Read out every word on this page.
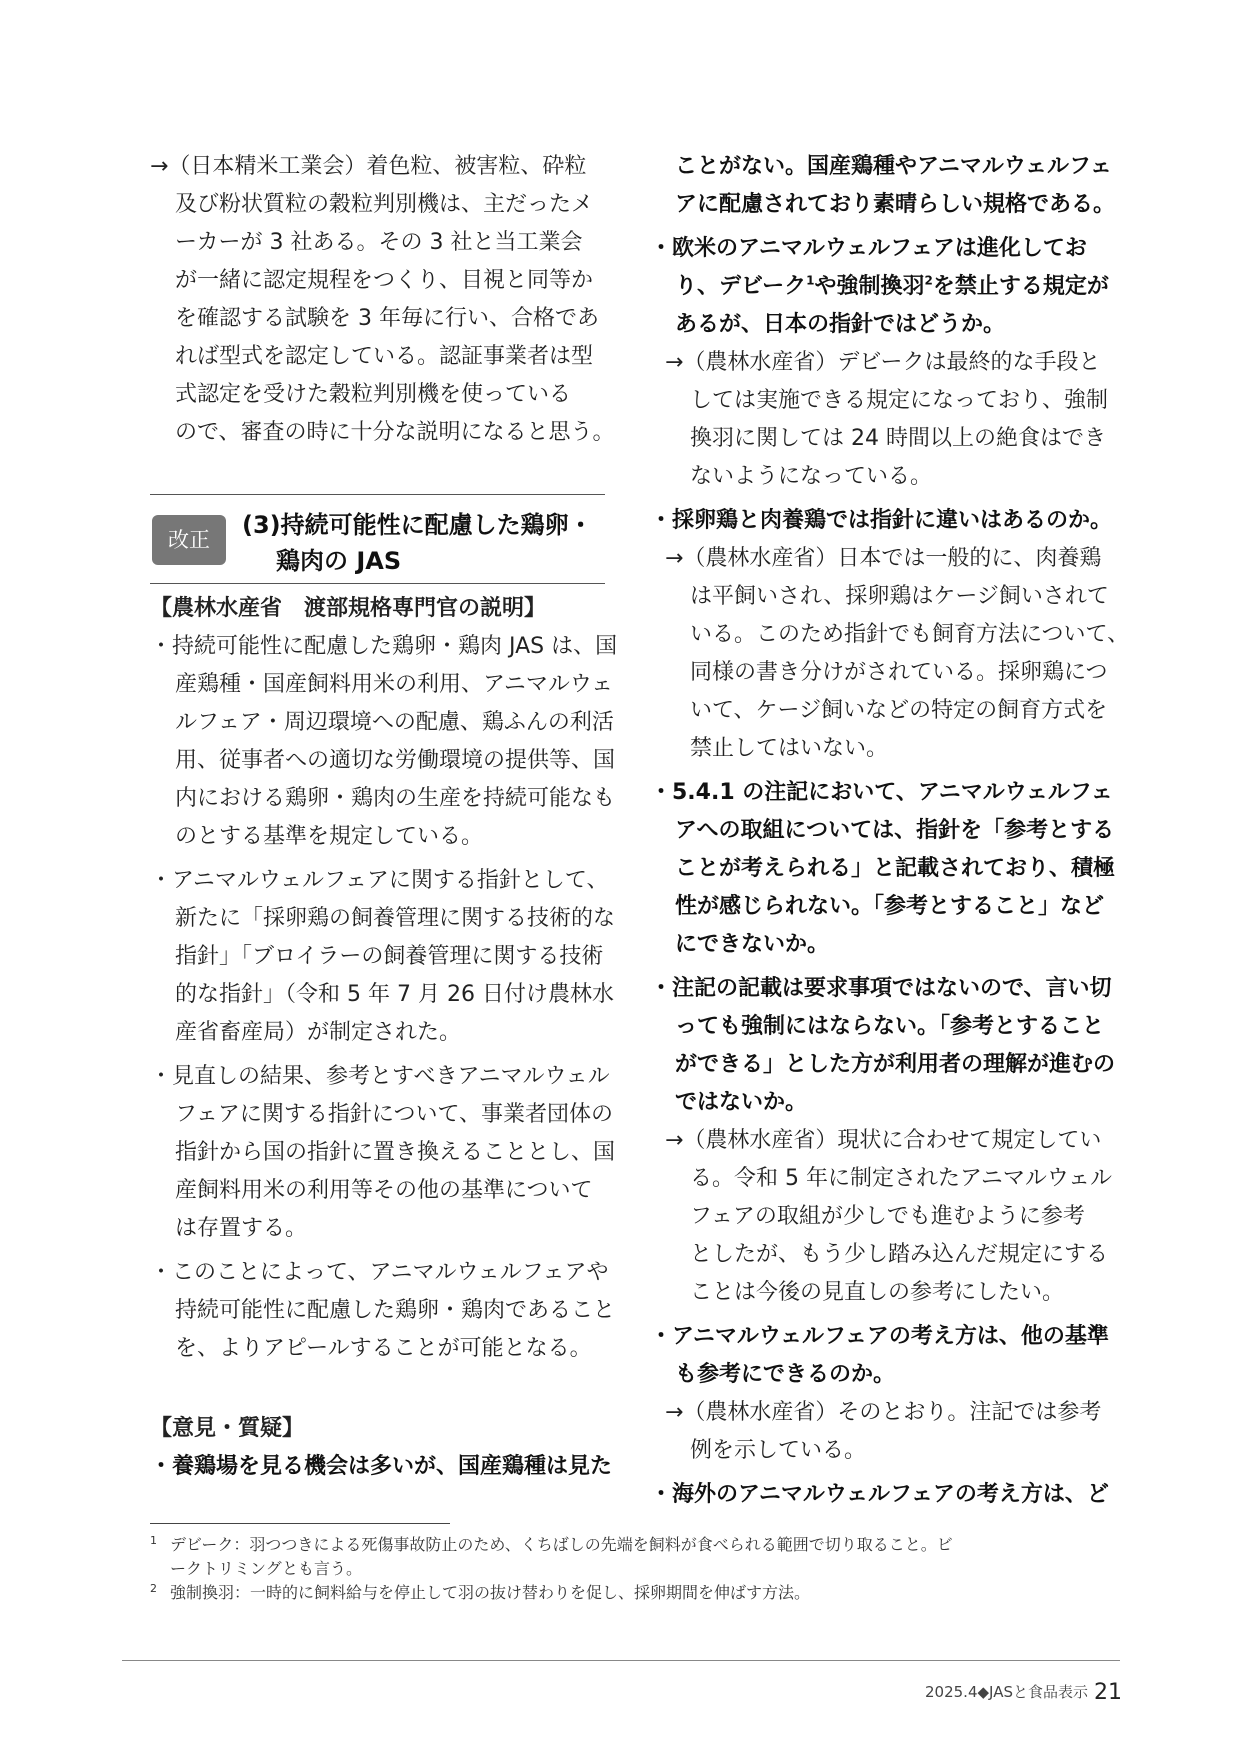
→（日本精米工業会）着色粒、被害粒、砕粒
及び粉状質粒の穀粒判別機は、主だったメ
ーカーが 3 社ある。その 3 社と当工業会
が一緒に認定規程をつくり、目視と同等か
を確認する試験を 3 年毎に行い、合格であ
れば型式を認定している。認証事業者は型
式認定を受けた穀粒判別機を使っている
ので、審査の時に十分な説明になると思う。
改正
(3)持続可能性に配慮した鶏卵・
鶏肉の JAS
【農林水産省　渡部規格専門官の説明】
・持続可能性に配慮した鶏卵・鶏肉 JAS は、国
産鶏種・国産飼料用米の利用、アニマルウェ
ルフェア・周辺環境への配慮、鶏ふんの利活
用、従事者への適切な労働環境の提供等、国
内における鶏卵・鶏肉の生産を持続可能なも
のとする基準を規定している。
・アニマルウェルフェアに関する指針として、
新たに「採卵鶏の飼養管理に関する技術的な
指針」「ブロイラーの飼養管理に関する技術
的な指針」（令和 5 年 7 月 26 日付け農林水
産省畜産局）が制定された。
・見直しの結果、参考とすべきアニマルウェル
フェアに関する指針について、事業者団体の
指針から国の指針に置き換えることとし、国
産飼料用米の利用等その他の基準について
は存置する。
・このことによって、アニマルウェルフェアや
持続可能性に配慮した鶏卵・鶏肉であること
を、よりアピールすることが可能となる。
【意見・質疑】
・養鶏場を見る機会は多いが、国産鶏種は見た
ことがない。国産鶏種やアニマルウェルフェ
アに配慮されており素晴らしい規格である。
・欧米のアニマルウェルフェアは進化してお
り、デビーク$^1$や強制換羽$^2$を禁止する規定が
あるが、日本の指針ではどうか。
→（農林水産省）デビークは最終的な手段と
しては実施できる規定になっており、強制
換羽に関しては 24 時間以上の絶食はでき
ないようになっている。
・採卵鶏と肉養鶏では指針に違いはあるのか。
→（農林水産省）日本では一般的に、肉養鶏
は平飼いされ、採卵鶏はケージ飼いされて
いる。このため指針でも飼育方法について、
同様の書き分けがされている。採卵鶏につ
いて、ケージ飼いなどの特定の飼育方式を
禁止してはいない。
・5.4.1 の注記において、アニマルウェルフェ
アへの取組については、指針を「参考とする
ことが考えられる」と記載されており、積極
性が感じられない。「参考とすること」など
にできないか。
・注記の記載は要求事項ではないので、言い切
っても強制にはならない。「参考とすること
ができる」とした方が利用者の理解が進むの
ではないか。
→（農林水産省）現状に合わせて規定してい
る。令和 5 年に制定されたアニマルウェル
フェアの取組が少しでも進むように参考
としたが、もう少し踏み込んだ規定にする
ことは今後の見直しの参考にしたい。
・アニマルウェルフェアの考え方は、他の基準
も参考にできるのか。
→（農林水産省）そのとおり。注記では参考
例を示している。
・海外のアニマルウェルフェアの考え方は、ど
1 デビーク：羽つつきによる死傷事故防止のため、くちばしの先端を飼料が食べられる範囲で切り取ること。ビ
ークトリミングとも言う。
2 強制換羽：一時的に飼料給与を停止して羽の抜け替わりを促し、採卵期間を伸ばす方法。
2025.4◆JASと食品表示 21
